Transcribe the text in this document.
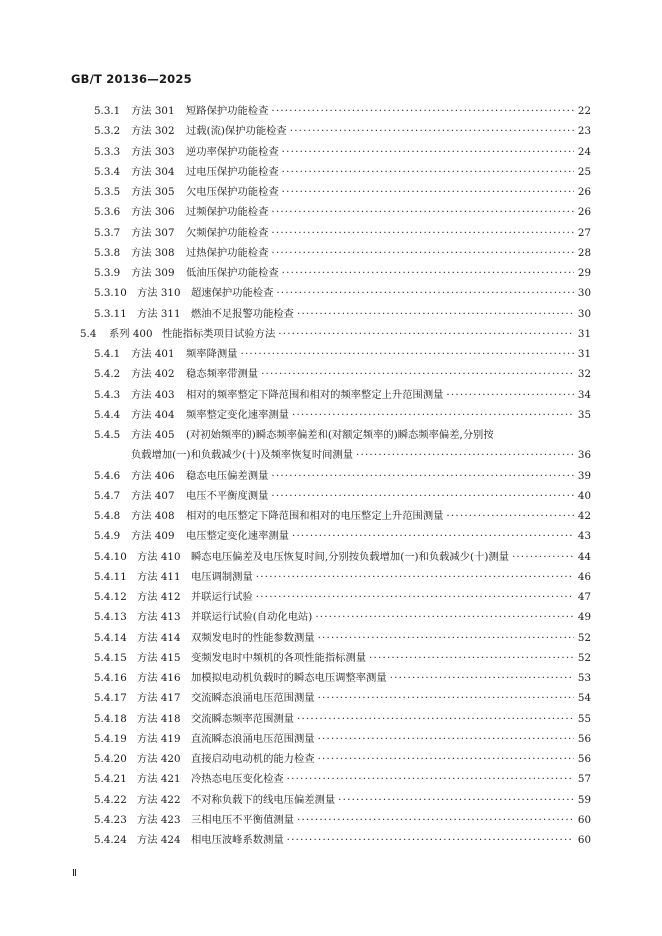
GB/T 20136—2025
5.3.1 方法 301 短路保护功能检查 ·····	22
5.3.2 方法 302 过载(流)保护功能检查 ·····	23
5.3.3 方法 303 逆功率保护功能检查 ·····	24
5.3.4 方法 304 过电压保护功能检查 ·····	25
5.3.5 方法 305 欠电压保护功能检查 ·····	26
5.3.6 方法 306 过频保护功能检查 ·····	26
5.3.7 方法 307 欠频保护功能检查 ·····	27
5.3.8 方法 308 过热保护功能检查 ·····	28
5.3.9 方法 309 低油压保护功能检查 ·····	29
5.3.10 方法 310 超速保护功能检查 ·····	30
5.3.11 方法 311 燃油不足报警功能检查 ·····	30
5.4 系列 400 性能指标类项目试验方法 ·····	31
5.4.1 方法 401 频率降测量 ·····	31
5.4.2 方法 402 稳态频率带测量 ·····	32
5.4.3 方法 403 相对的频率整定下降范围和相对的频率整定上升范围测量 ·····	34
5.4.4 方法 404 频率整定变化速率测量 ·····	35
5.4.5 方法 405 (对初始频率的)瞬态频率偏差和(对额定频率的)瞬态频率偏差,分别按
负载增加(一)和负载减少(十)及频率恢复时间测量 ·····	36
5.4.6 方法 406 稳态电压偏差测量 ·····	39
5.4.7 方法 407 电压不平衡度测量 ·····	40
5.4.8 方法 408 相对的电压整定下降范围和相对的电压整定上升范围测量 ·····	42
5.4.9 方法 409 电压整定变化速率测量 ·····	43
5.4.10 方法 410 瞬态电压偏差及电压恢复时间,分别按负载增加(一)和负载减少(十)测量 ·····	44
5.4.11 方法 411 电压调制测量 ·····	46
5.4.12 方法 412 并联运行试验 ·····	47
5.4.13 方法 413 并联运行试验(自动化电站) ·····	49
5.4.14 方法 414 双频发电时的性能参数测量 ·····	52
5.4.15 方法 415 变频发电时中频机的各项性能指标测量 ·····	52
5.4.16 方法 416 加模拟电动机负载时的瞬态电压调整率测量 ·····	53
5.4.17 方法 417 交流瞬态浪涌电压范围测量 ·····	54
5.4.18 方法 418 交流瞬态频率范围测量 ·····	55
5.4.19 方法 419 直流瞬态浪涌电压范围测量 ·····	56
5.4.20 方法 420 直接启动电动机的能力检查 ·····	56
5.4.21 方法 421 冷热态电压变化检查 ·····	57
5.4.22 方法 422 不对称负载下的线电压偏差测量 ·····	59
5.4.23 方法 423 三相电压不平衡值测量 ·····	60
5.4.24 方法 424 相电压波峰系数测量 ·····	60
Ⅱ
